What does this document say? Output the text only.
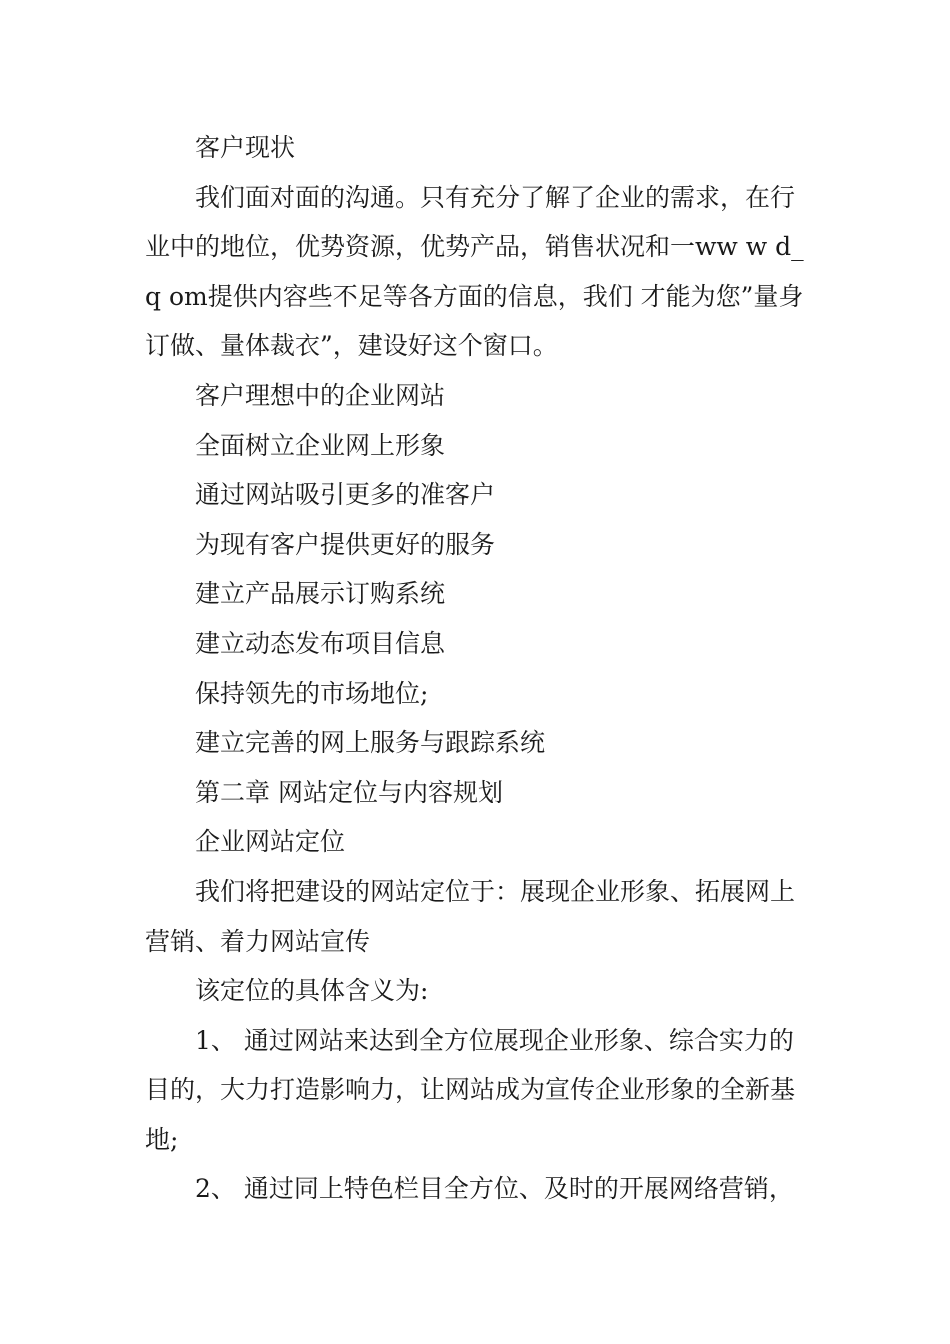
客户现状

我们面对面的沟通。只有充分了解了企业的需求，在行业中的地位，优势资源，优势产品，销售状况和一ww w d_q om提供内容些不足等各方面的信息，我们 才能为您”量身订做、量体裁衣”，建设好这个窗口。

客户理想中的企业网站

全面树立企业网上形象

通过网站吸引更多的准客户

为现有客户提供更好的服务

建立产品展示订购系统

建立动态发布项目信息

保持领先的市场地位;

建立完善的网上服务与跟踪系统

第二章 网站定位与内容规划

企业网站定位

我们将把建设的网站定位于：展现企业形象、拓展网上营销、着力网站宣传

该定位的具体含义为:

1、 通过网站来达到全方位展现企业形象、综合实力的目的，大力打造影响力，让网站成为宣传企业形象的全新基地;

2、 通过同上特色栏目全方位、及时的开展网络营销，
